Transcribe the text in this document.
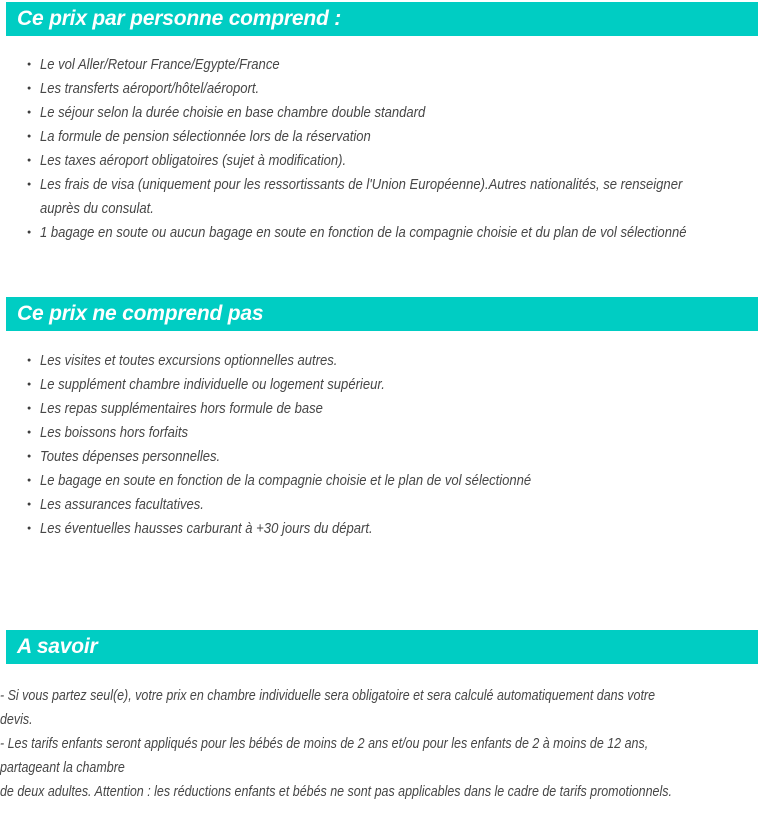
Ce prix par personne comprend :
● Le vol Aller/Retour France/Egypte/France
● Les transferts aéroport/hôtel/aéroport.
● Le séjour selon la durée choisie en base chambre double standard
● La formule de pension sélectionnée lors de la réservation
● Les taxes aéroport obligatoires (sujet à modification).
● Les frais de visa (uniquement pour les ressortissants de l'Union Européenne).Autres nationalités, se renseigner
auprès du consulat.
● 1 bagage en soute ou aucun bagage en soute en fonction de la compagnie choisie et du plan de vol sélectionné
Ce prix ne comprend pas
● Les visites et toutes excursions optionnelles autres.
● Le supplément chambre individuelle ou logement supérieur.
● Les repas supplémentaires hors formule de base
● Les boissons hors forfaits
● Toutes dépenses personnelles.
● Le bagage en soute en fonction de la compagnie choisie et le plan de vol sélectionné
● Les assurances facultatives.
● Les éventuelles hausses carburant à +30 jours du départ.
A savoir
- Si vous partez seul(e), votre prix en chambre individuelle sera obligatoire et sera calculé automatiquement dans votre
devis.
- Les tarifs enfants seront appliqués pour les bébés de moins de 2 ans et/ou pour les enfants de 2 à moins de 12 ans,
partageant la chambre
de deux adultes. Attention : les réductions enfants et bébés ne sont pas applicables dans le cadre de tarifs promotionnels.
